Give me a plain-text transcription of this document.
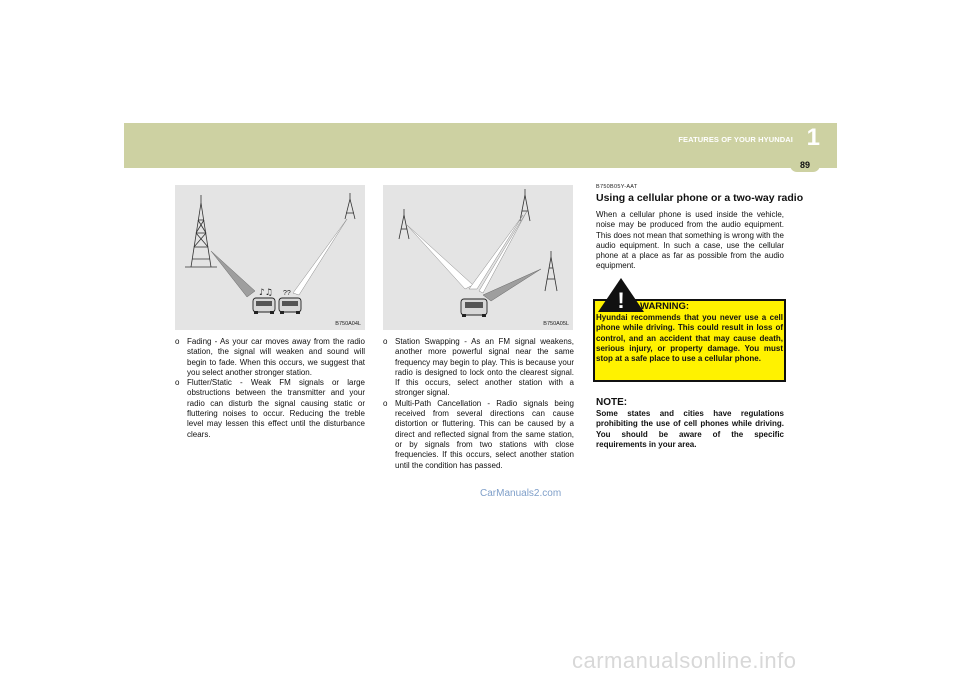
FEATURES OF YOUR HYUNDAI 1
89
♪♫ ??
B750A04L	B750A05L

o Fading - As your car moves away from the radio station, the signal will weaken and sound will begin to fade. When this occurs, we suggest that you select another stronger station.

o Flutter/Static - Weak FM signals or large obstructions between the transmitter and your radio can disturb the signal causing static or fluttering noises to occur. Reducing the treble level may lessen this effect until the disturbance clears.

o Station Swapping - As an FM signal weakens, another more powerful signal near the same frequency may begin to play. This is because your radio is designed to lock onto the clearest signal. If this occurs, select another station with a stronger signal.

o Multi-Path Cancellation - Radio signals being received from several directions can cause distortion or fluttering. This can be caused by a direct and reflected signal from the same station, or by signals from two stations with close frequencies. If this occurs, select another station until the condition has passed.

B750B05Y-AAT
Using a cellular phone or a two-way radio
When a cellular phone is used inside the vehicle, noise may be produced from the audio equipment. This does not mean that something is wrong with the audio equipment. In such a case, use the cellular phone at a place as far as possible from the audio equipment.
! WARNING:
Hyundai recommends that you never use a cell phone while driving. This could result in loss of control, and an accident that may cause death, serious injury, or property damage. You must stop at a safe place to use a cellular phone.
NOTE:
Some states and cities have regulations prohibiting the use of cell phones while driving. You should be aware of the specific requirements in your area.
CarManuals2.com
carmanualsonline.info
